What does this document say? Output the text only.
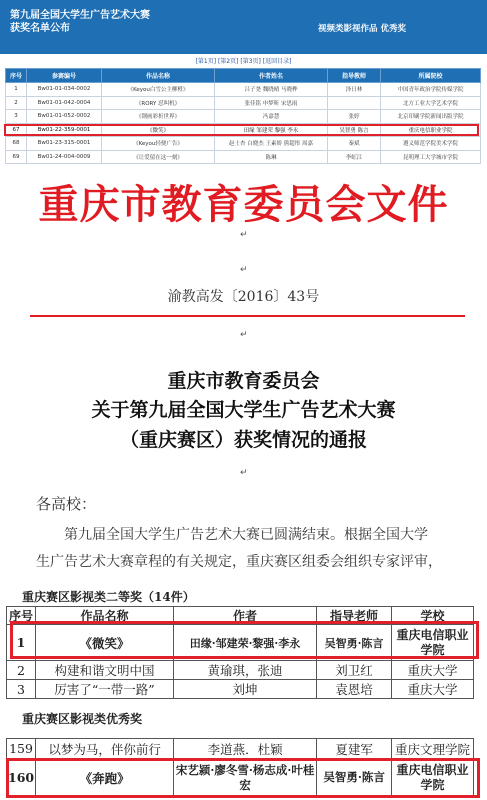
第九届全国大学生广告艺术大赛
获奖名单公布	视频类影视作品 优秀奖
[第1页] [第2页] [第3页] [返回目录]
序号	参赛编号	作品名称	作者姓名	指导教师	所属院校
1	Bw01-01-034-0002	《Keyou白雪公主柳橙》	吕子尧 魏晓晴 马晓桦	泽日林	中国青年政治学院传媒学院
2	Bw01-01-042-0004	《RORY 怼叫机》	张佳铭 申梦昕 宋思雨		北方工业大学艺术学院
3	Bw01-01-052-0002	《钢画彩折世界》	冯嘉慧	张婷	北京印刷学院新闻出版学院
67	Bw01-22-359-0001	《微笑》	田缘 邹建荣 黎强 李永	吴智勇 陈言	重庆电信职业学院
68	Bw01-23-315-0001	《Keyou轻便广告》	赵士杏 白晓杰 王素娇 熊超彤 周嘉	秦斌	遵义师范学院美术学院
69	Bw01-24-004-0009	《让爱留在这一刻》	陈琳	李虹江	昆明理工大学城市学院
重庆市教育委员会文件
↵
↵
渝教高发〔2016〕43号
↵
重庆市教育委员会
关于第九届全国大学生广告艺术大赛
（重庆赛区）获奖情况的通报
↵
各高校：
第九届全国大学生广告艺术大赛已圆满结束。根据全国大学
生广告艺术大赛章程的有关规定，重庆赛区组委会组织专家评审，
重庆赛区影视类二等奖（14件）
序号	作品名称	作者	指导老师	学校
1	《微笑》	田缘·邹建荣·黎强·李永	吴智勇·陈言	重庆电信职业学院
2	构建和谐文明中国	黄瑜琪，张迪	刘卫红	重庆大学
3	厉害了“一带一路”	刘坤	袁恩培	重庆大学
重庆赛区影视类优秀奖
159	以梦为马，伴你前行	李道燕．杜颖	夏建军	重庆文理学院
160	《奔跑》	宋艺颍·廖冬雪·杨志成·叶桂宏	吴智勇·陈言	重庆电信职业学院
